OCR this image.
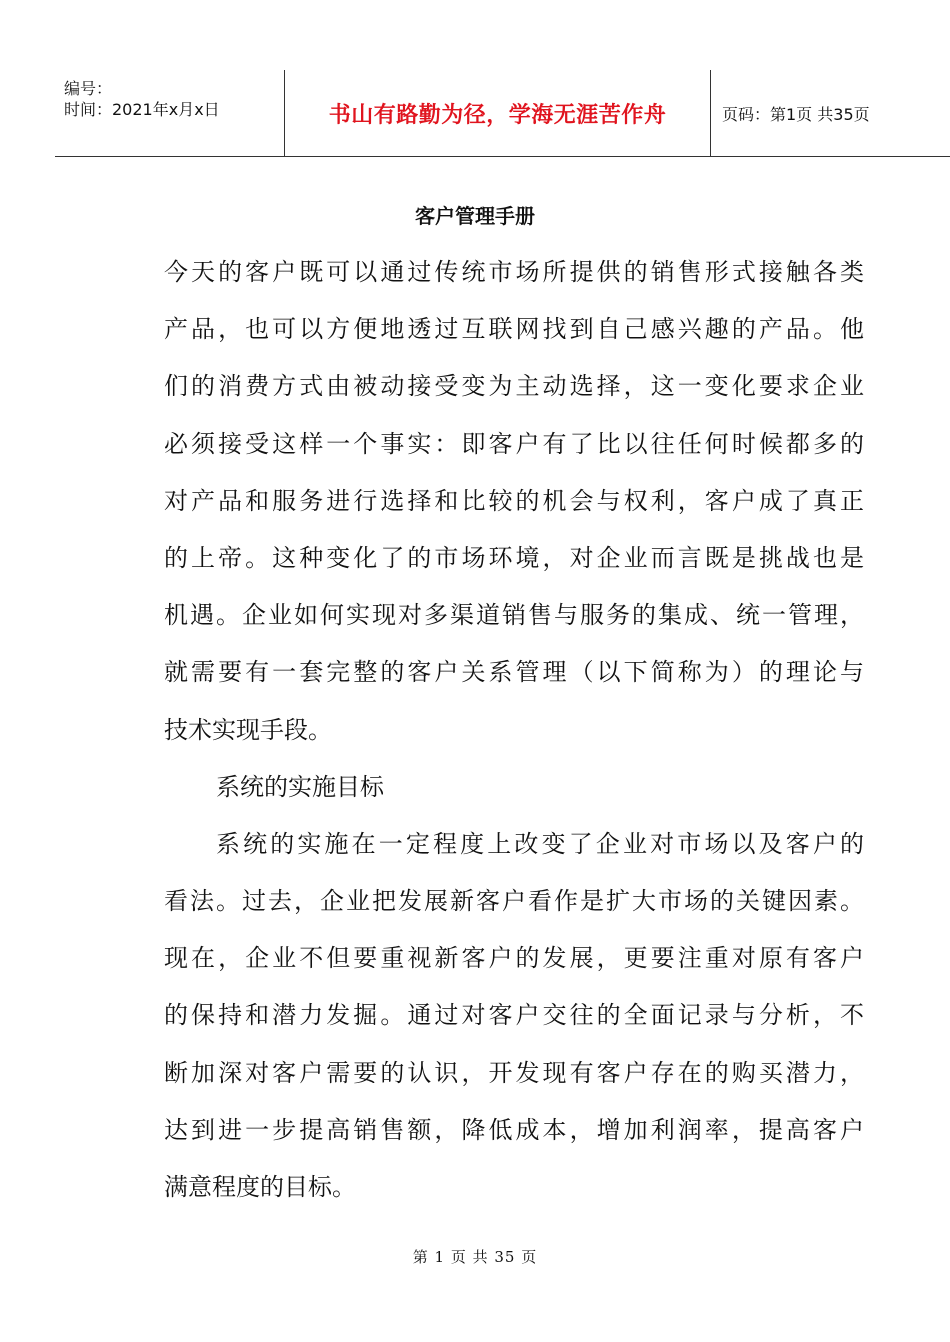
编号：
时间：2021年x月x日	书山有路勤为径，学海无涯苦作舟	页码：第1页 共35页
客户管理手册
今天的客户既可以通过传统市场所提供的销售形式接触各类
产品，也可以方便地透过互联网找到自己感兴趣的产品。他
们的消费方式由被动接受变为主动选择，这一变化要求企业
必须接受这样一个事实：即客户有了比以往任何时候都多的
对产品和服务进行选择和比较的机会与权利，客户成了真正
的上帝。这种变化了的市场环境，对企业而言既是挑战也是
机遇。企业如何实现对多渠道销售与服务的集成、统一管理，
就需要有一套完整的客户关系管理（以下简称为）的理论与
技术实现手段。
系统的实施目标
系统的实施在一定程度上改变了企业对市场以及客户的
看法。过去，企业把发展新客户看作是扩大市场的关键因素。
现在，企业不但要重视新客户的发展，更要注重对原有客户
的保持和潜力发掘。通过对客户交往的全面记录与分析，不
断加深对客户需要的认识，开发现有客户存在的购买潜力，
达到进一步提高销售额，降低成本，增加利润率，提高客户
满意程度的目标。
第 1 页 共 35 页
